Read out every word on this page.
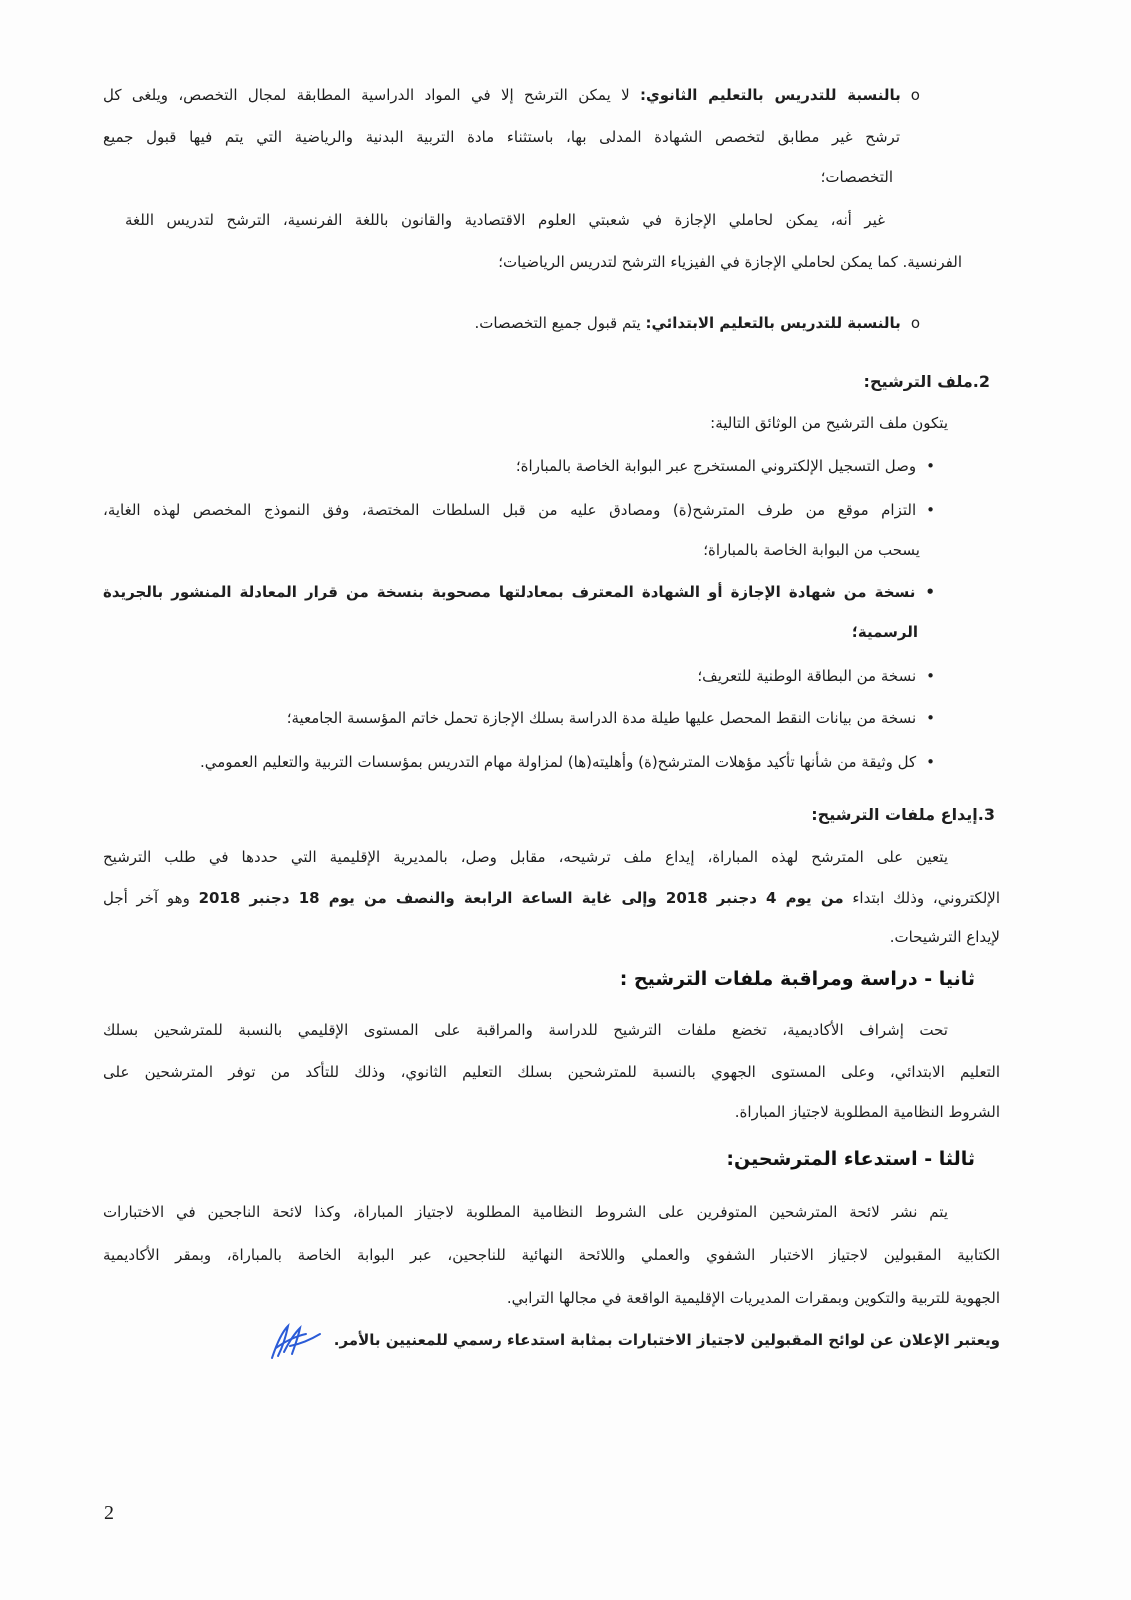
oبالنسبة للتدريس بالتعليم الثانوي: لا يمكن الترشح إلا في المواد الدراسية المطابقة لمجال التخصص، ويلغى كل
ترشح غير مطابق لتخصص الشهادة المدلى بها، باستثناء مادة التربية البدنية والرياضية التي يتم فيها قبول جميع
التخصصات؛
غير أنه، يمكن لحاملي الإجازة في شعبتي العلوم الاقتصادية والقانون باللغة الفرنسية، الترشح لتدريس اللغة
الفرنسية. كما يمكن لحاملي الإجازة في الفيزياء الترشح لتدريس الرياضيات؛
oبالنسبة للتدريس بالتعليم الابتدائي: يتم قبول جميع التخصصات.
2.ملف الترشيح:
يتكون ملف الترشيح من الوثائق التالية:
•وصل التسجيل الإلكتروني المستخرج عبر البوابة الخاصة بالمباراة؛
•التزام موقع من طرف المترشح(ة) ومصادق عليه من قبل السلطات المختصة، وفق النموذج المخصص لهذه الغاية،
يسحب من البوابة الخاصة بالمباراة؛
•نسخة من شهادة الإجازة أو الشهادة المعترف بمعادلتها مصحوبة بنسخة من قرار المعادلة المنشور بالجريدة
الرسمية؛
•نسخة من البطاقة الوطنية للتعريف؛
•نسخة من بيانات النقط المحصل عليها طيلة مدة الدراسة بسلك الإجازة تحمل خاتم المؤسسة الجامعية؛
•كل وثيقة من شأنها تأكيد مؤهلات المترشح(ة) وأهليته(ها) لمزاولة مهام التدريس بمؤسسات التربية والتعليم العمومي.
3.إيداع ملفات الترشيح:
يتعين على المترشح لهذه المباراة، إيداع ملف ترشيحه، مقابل وصل، بالمديرية الإقليمية التي حددها في طلب الترشيح
الإلكتروني، وذلك ابتداء من يوم 4 دجنبر 2018 وإلى غاية الساعة الرابعة والنصف من يوم 18 دجنبر 2018 وهو آخر أجل
لإيداع الترشيحات.
ثانيا - دراسة ومراقبة ملفات الترشيح :
تحت إشراف الأكاديمية، تخضع ملفات الترشيح للدراسة والمراقبة على المستوى الإقليمي بالنسبة للمترشحين بسلك
التعليم الابتدائي، وعلى المستوى الجهوي بالنسبة للمترشحين بسلك التعليم الثانوي، وذلك للتأكد من توفر المترشحين على
الشروط النظامية المطلوبة لاجتياز المباراة.
ثالثا - استدعاء المترشحين:
يتم نشر لائحة المترشحين المتوفرين على الشروط النظامية المطلوبة لاجتياز المباراة، وكذا لائحة الناجحين في الاختبارات
الكتابية المقبولين لاجتياز الاختبار الشفوي والعملي واللائحة النهائية للناجحين، عبر البوابة الخاصة بالمباراة، وبمقر الأكاديمية
الجهوية للتربية والتكوين وبمقرات المديريات الإقليمية الواقعة في مجالها الترابي.
ويعتبر الإعلان عن لوائح المقبولين لاجتياز الاختبارات بمثابة استدعاء رسمي للمعنيين بالأمر.
2
